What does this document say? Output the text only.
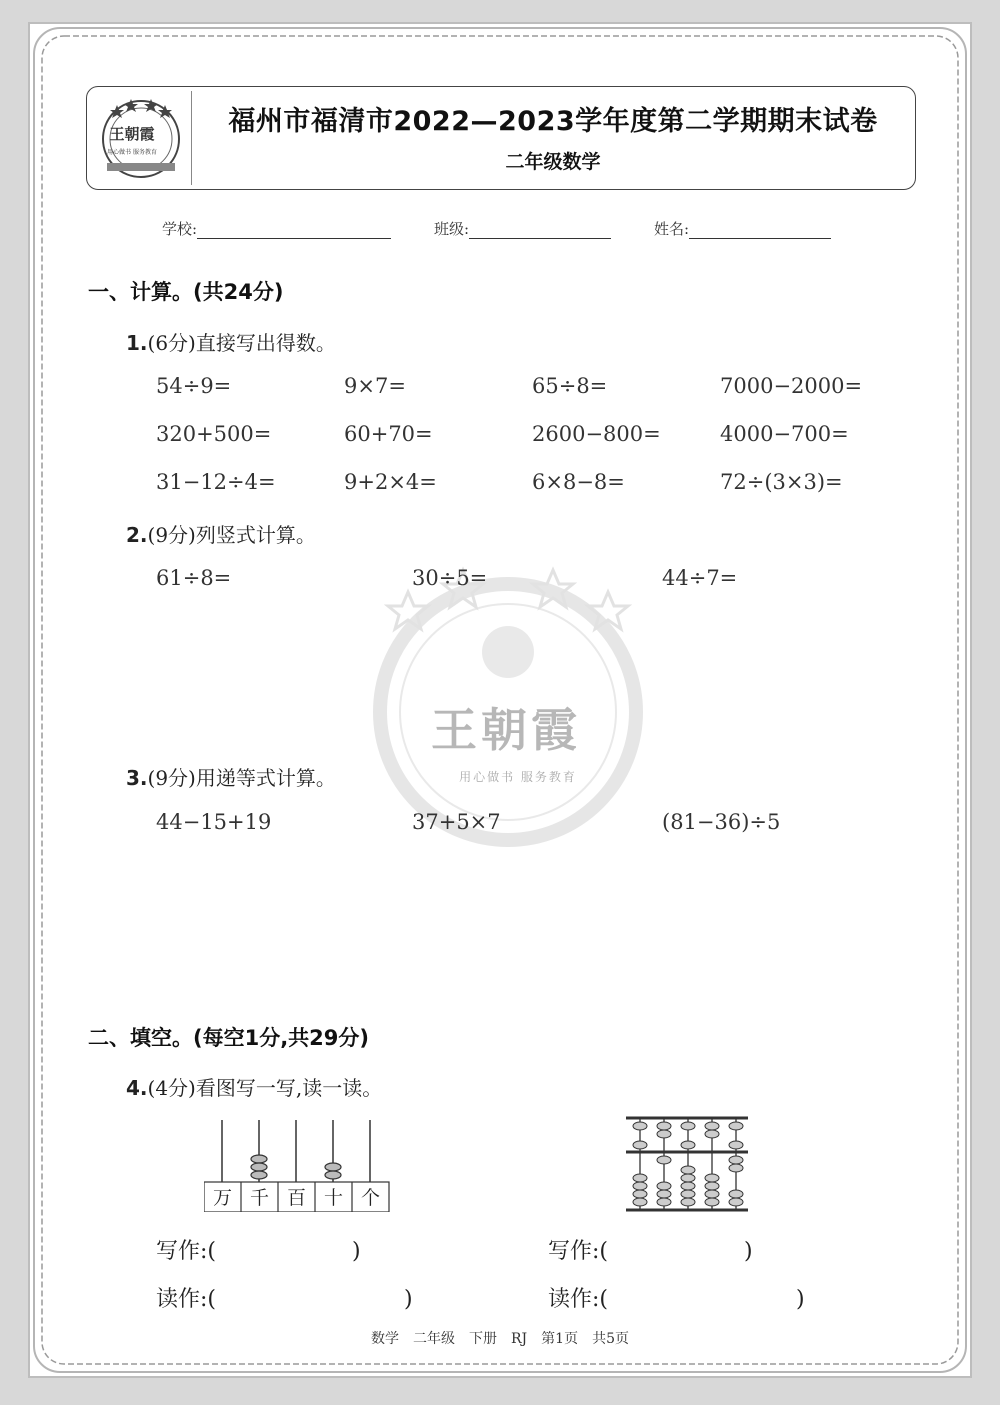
王朝霞
用心做书 服务教育
福州市福清市2022—2023学年度第二学期期末试卷
二年级数学
学校:	班级:	姓名:
王朝霞
用心做书 服务教育
一、计算。(共24分)
1.(6分)直接写出得数。
54÷9=	9×7=	65÷8=	7000−2000=
320+500=	60+70=	2600−800=	4000−700=
31−12÷4=	9+2×4=	6×8−8=	72÷(3×3)=
2.(9分)列竖式计算。
61÷8=	30÷5=	44÷7=
3.(9分)用递等式计算。
44−15+19	37+5×7	(81−36)÷5
二、填空。(每空1分,共29分)
4.(4分)看图写一写,读一读。
万 千 百 十 个
写作:(	)
读作:(	)
写作:(	)
读作:(	)
数学　二年级　下册　RJ　第1页　共5页
